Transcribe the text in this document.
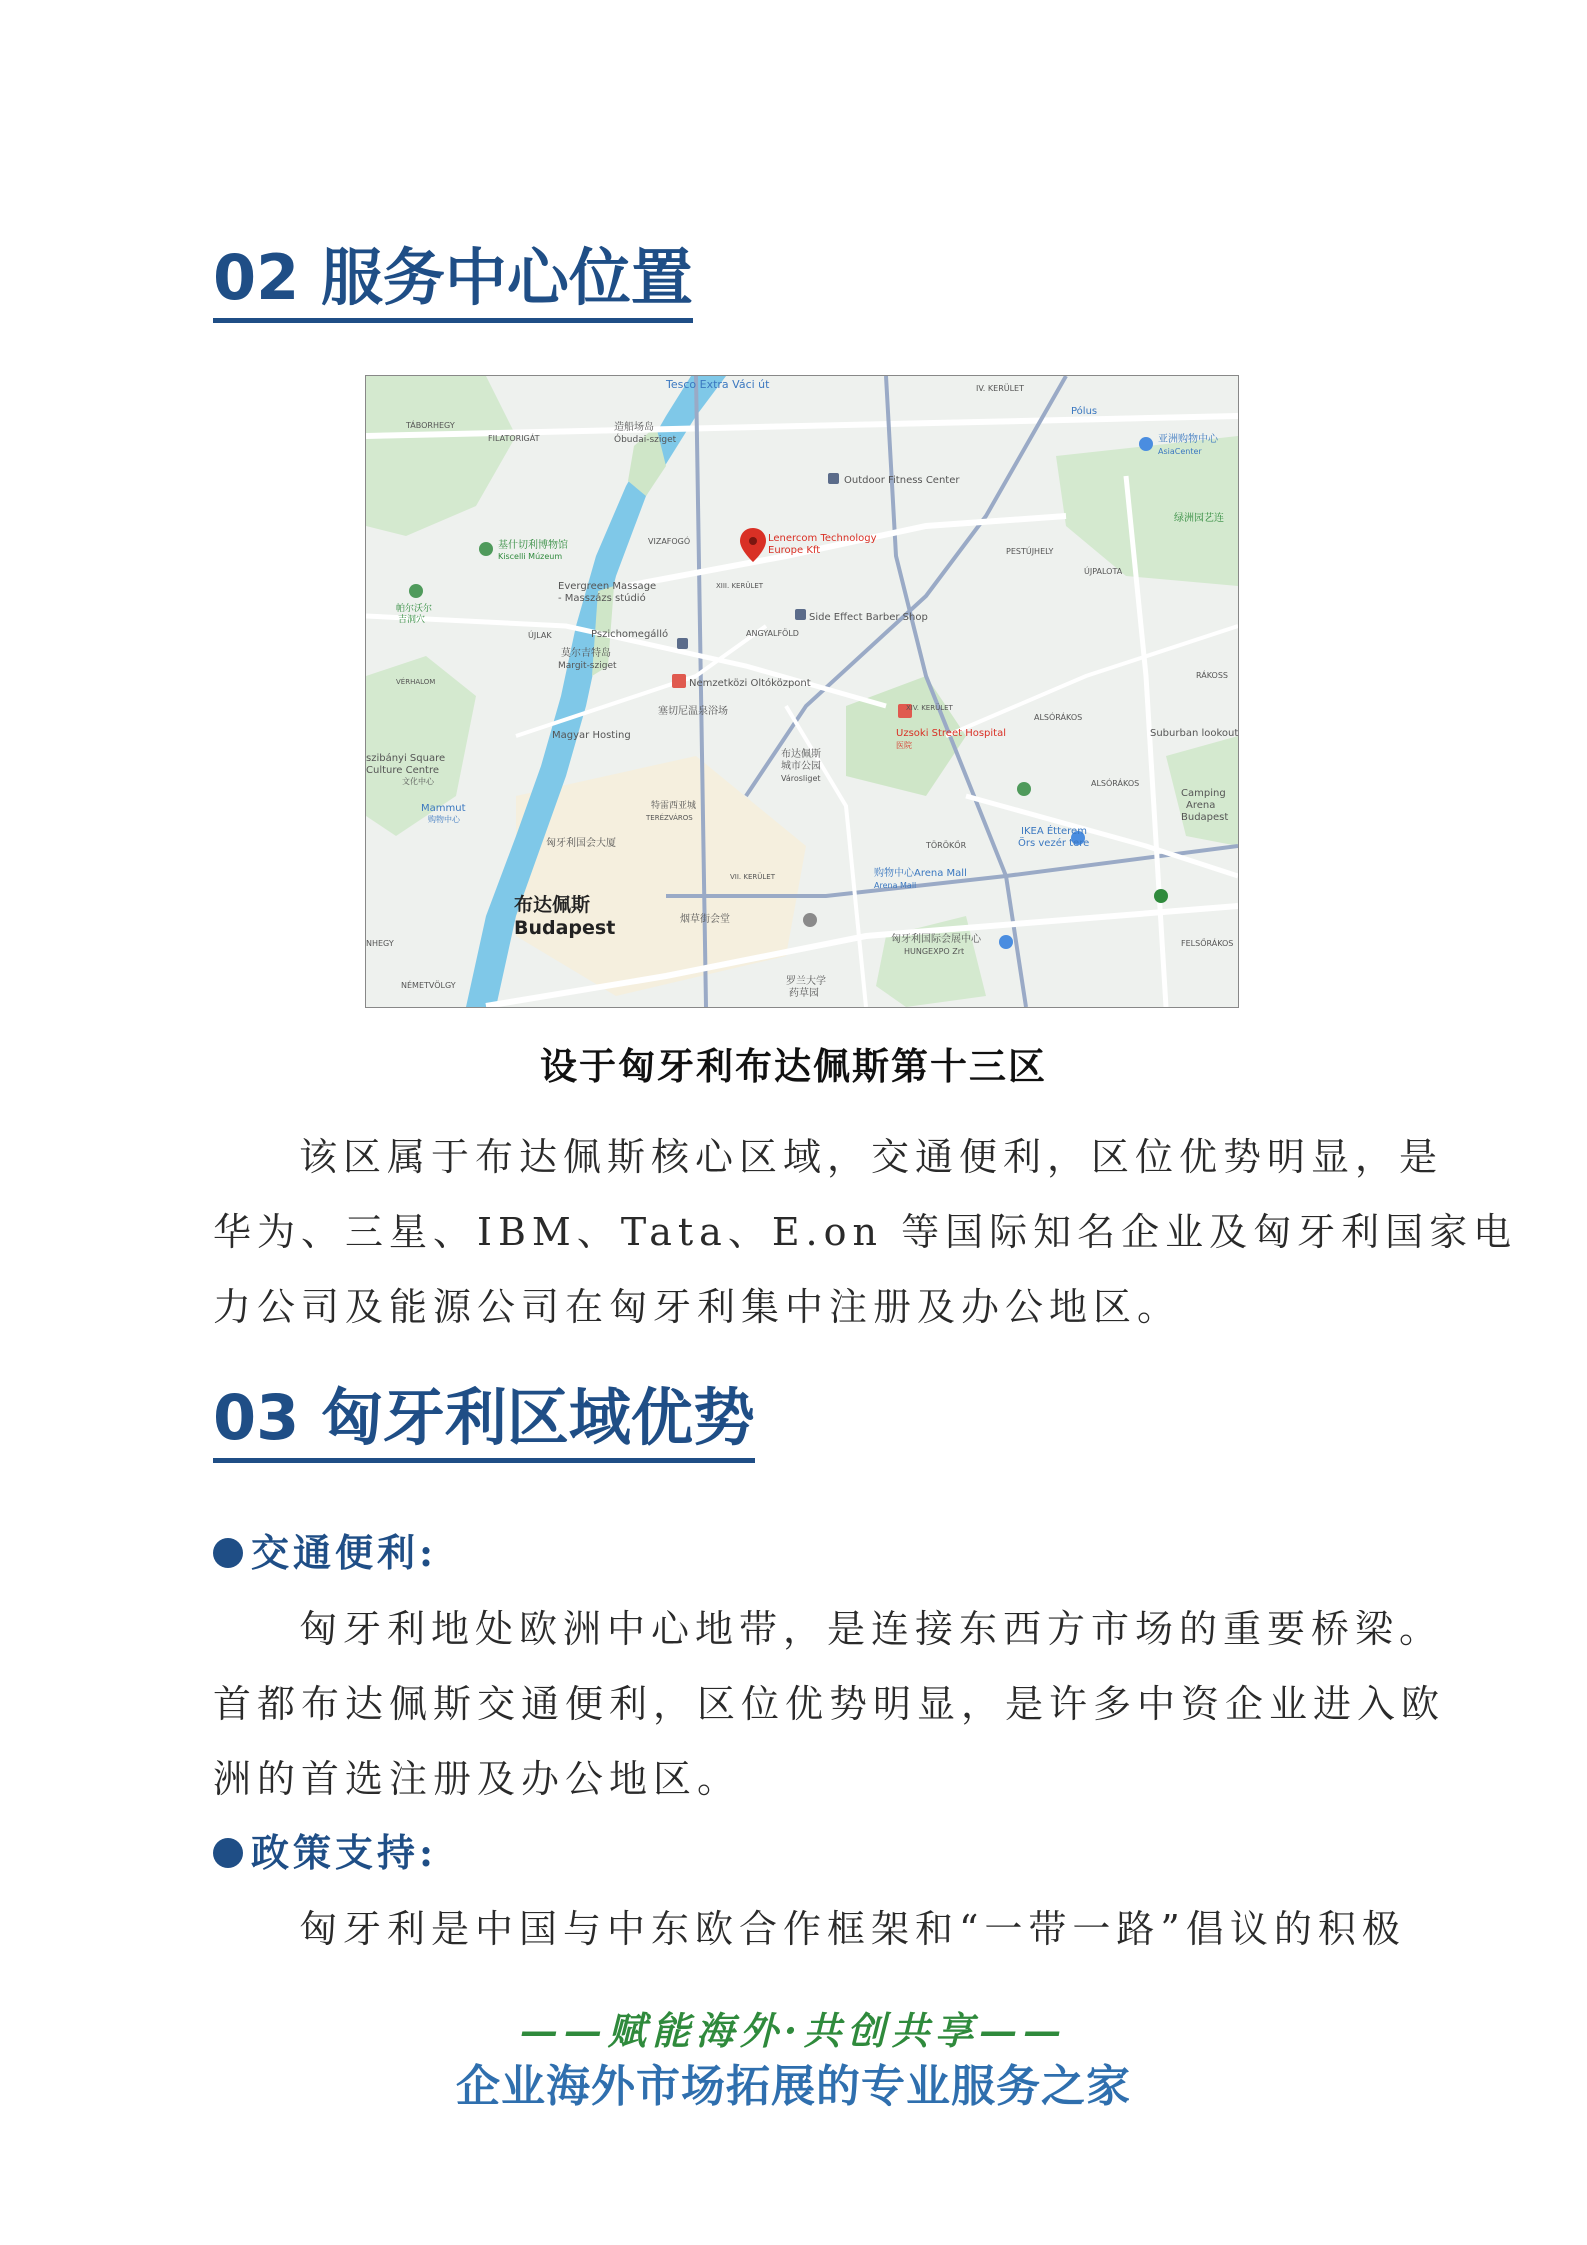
02 服务中心位置
Tesco Extra Váci út	IV. KERÜLET
Pólus
亚洲购物中心
AsiaCenter
TÁBORHEGY
FILATORIGÁT
造船场岛
Óbudai-sziget
Outdoor Fitness Center
绿洲园艺连
Lenercom Technology
Europe Kft
VIZAFOGÓ
PESTÚJHELY
ÚJPALOTA
基什切利博物馆
Kiscelli Múzeum
Evergreen Massage
- Masszázs stúdió
XIII. KERÜLET
Side Effect Barber Shop
帕尔沃尔
吉洞穴
ÚJLAK	Pszichomegálló	ANGYALFÖLD
莫尔吉特岛
Margit-sziget
VÉRHALOM	Nemzetközi Oltóközpont
RÁKOSS
塞切尼温泉浴场	XIV. KERÜLET
Uzsoki Street Hospital
医院
ALSÓRÁKOS
Suburban lookout
szibányi Square
Culture Centre
文化中心
Magyar Hosting
布达佩斯
城市公园
Városliget
Camping
Arena
Budapest
ALSÓRÁKOS
Mammut
购物中心
特雷西亚城
TERÉZVÁROS
TÖRÖKŐR
IKEA Étterem
Örs vezér tere
匈牙利国会大厦
VII. KERÜLET	购物中心Arena Mall
Arena Mall
布达佩斯
Budapest	烟草街会堂
匈牙利国际会展中心
HUNGEXPO Zrt
NHEGY	FELSŐRÁKOS
NÉMETVÖLGY	罗兰大学
药草园
设于匈牙利布达佩斯第十三区
该区属于布达佩斯核心区域，交通便利，区位优势明显，是
华为、三星、IBM、Tata、E.on 等国际知名企业及匈牙利国家电
力公司及能源公司在匈牙利集中注册及办公地区。
03 匈牙利区域优势
交通便利:
匈牙利地处欧洲中心地带，是连接东西方市场的重要桥梁。
首都布达佩斯交通便利，区位优势明显，是许多中资企业进入欧
洲的首选注册及办公地区。
政策支持:
匈牙利是中国与中东欧合作框架和“一带一路”倡议的积极
——赋能海外·共创共享——
企业海外市场拓展的专业服务之家
